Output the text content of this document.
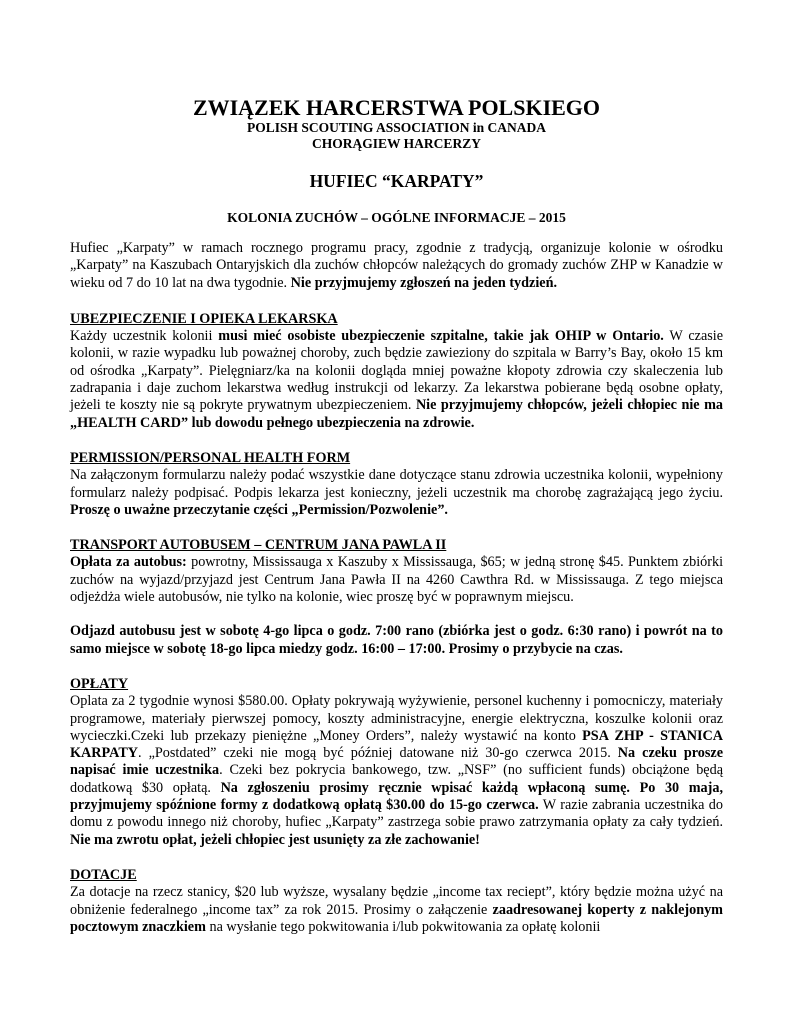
ZWIĄZEK HARCERSTWA POLSKIEGO
POLISH SCOUTING ASSOCIATION in CANADA
CHORĄGIEW HARCERZY
HUFIEC “KARPATY”
KOLONIA ZUCHÓW – OGÓLNE INFORMACJE – 2015

Hufiec „Karpaty” w ramach rocznego programu pracy, zgodnie z tradycją, organizuje kolonie w ośrodku „Karpaty” na Kaszubach Ontaryjskich dla zuchów chłopców należących do gromady zuchów ZHP w Kanadzie w wieku od 7 do 10 lat na dwa tygodnie. Nie przyjmujemy zgłoszeń na jeden tydzień.

UBEZPIECZENIE I OPIEKA LEKARSKA

Każdy uczestnik kolonii musi mieć osobiste ubezpieczenie szpitalne, takie jak OHIP w Ontario. W czasie kolonii, w razie wypadku lub poważnej choroby, zuch będzie zawieziony do szpitala w Barry’s Bay, około 15 km od ośrodka „Karpaty”. Pielęgniarz/ka na kolonii dogląda mniej poważne kłopoty zdrowia czy skaleczenia lub zadrapania i daje zuchom lekarstwa według instrukcji od lekarzy. Za lekarstwa pobierane będą osobne opłaty, jeżeli te koszty nie są pokryte prywatnym ubezpieczeniem. Nie przyjmujemy chłopców, jeżeli chłopiec nie ma „HEALTH CARD” lub dowodu pełnego ubezpieczenia na zdrowie.

PERMISSION/PERSONAL HEALTH FORM

Na załączonym formularzu należy podać wszystkie dane dotyczące stanu zdrowia uczestnika kolonii, wypełniony formularz należy podpisać. Podpis lekarza jest konieczny, jeżeli uczestnik ma chorobę zagrażającą jego życiu. Proszę o uważne przeczytanie części „Permission/Pozwolenie”.

TRANSPORT AUTOBUSEM – CENTRUM JANA PAWLA II

Opłata za autobus: powrotny, Mississauga x Kaszuby x Mississauga, $65; w jedną stronę $45. Punktem zbiórki zuchów na wyjazd/przyjazd jest Centrum Jana Pawła II na 4260 Cawthra Rd. w Mississauga. Z tego miejsca odjeżdża wiele autobusów, nie tylko na kolonie, wiec proszę być w poprawnym miejscu.

Odjazd autobusu jest w sobotę 4-go lipca o godz. 7:00 rano (zbiórka jest o godz. 6:30 rano) i powrót na to samo miejsce w sobotę 18-go lipca miedzy godz. 16:00 – 17:00. Prosimy o przybycie na czas.

OPŁATY

Oplata za 2 tygodnie wynosi $580.00. Opłaty pokrywają wyżywienie, personel kuchenny i pomocniczy, materiały programowe, materiały pierwszej pomocy, koszty administracyjne, energie elektryczna, koszulke kolonii oraz wycieczki.Czeki lub przekazy pieniężne „Money Orders”, należy wystawić na konto PSA ZHP - STANICA KARPATY. „Postdated” czeki nie mogą być później datowane niż 30-go czerwca 2015. Na czeku prosze napisać imie uczestnika. Czeki bez pokrycia bankowego, tzw. „NSF” (no sufficient funds) obciążone będą dodatkową $30 opłatą. Na zgłoszeniu prosimy ręcznie wpisać każdą wpłaconą sumę. Po 30 maja, przyjmujemy spóźnione formy z dodatkową opłatą $30.00 do 15-go czerwca. W razie zabrania uczestnika do domu z powodu innego niż choroby, hufiec „Karpaty” zastrzega sobie prawo zatrzymania opłaty za cały tydzień. Nie ma zwrotu opłat, jeżeli chłopiec jest usunięty za złe zachowanie!

DOTACJE

Za dotacje na rzecz stanicy, $20 lub wyższe, wysalany będzie „income tax reciept”, który będzie można użyć na obniżenie federalnego „income tax” za rok 2015. Prosimy o załączenie zaadresowanej koperty z naklejonym pocztowym znaczkiem na wysłanie tego pokwitowania i/lub pokwitowania za opłatę kolonii
